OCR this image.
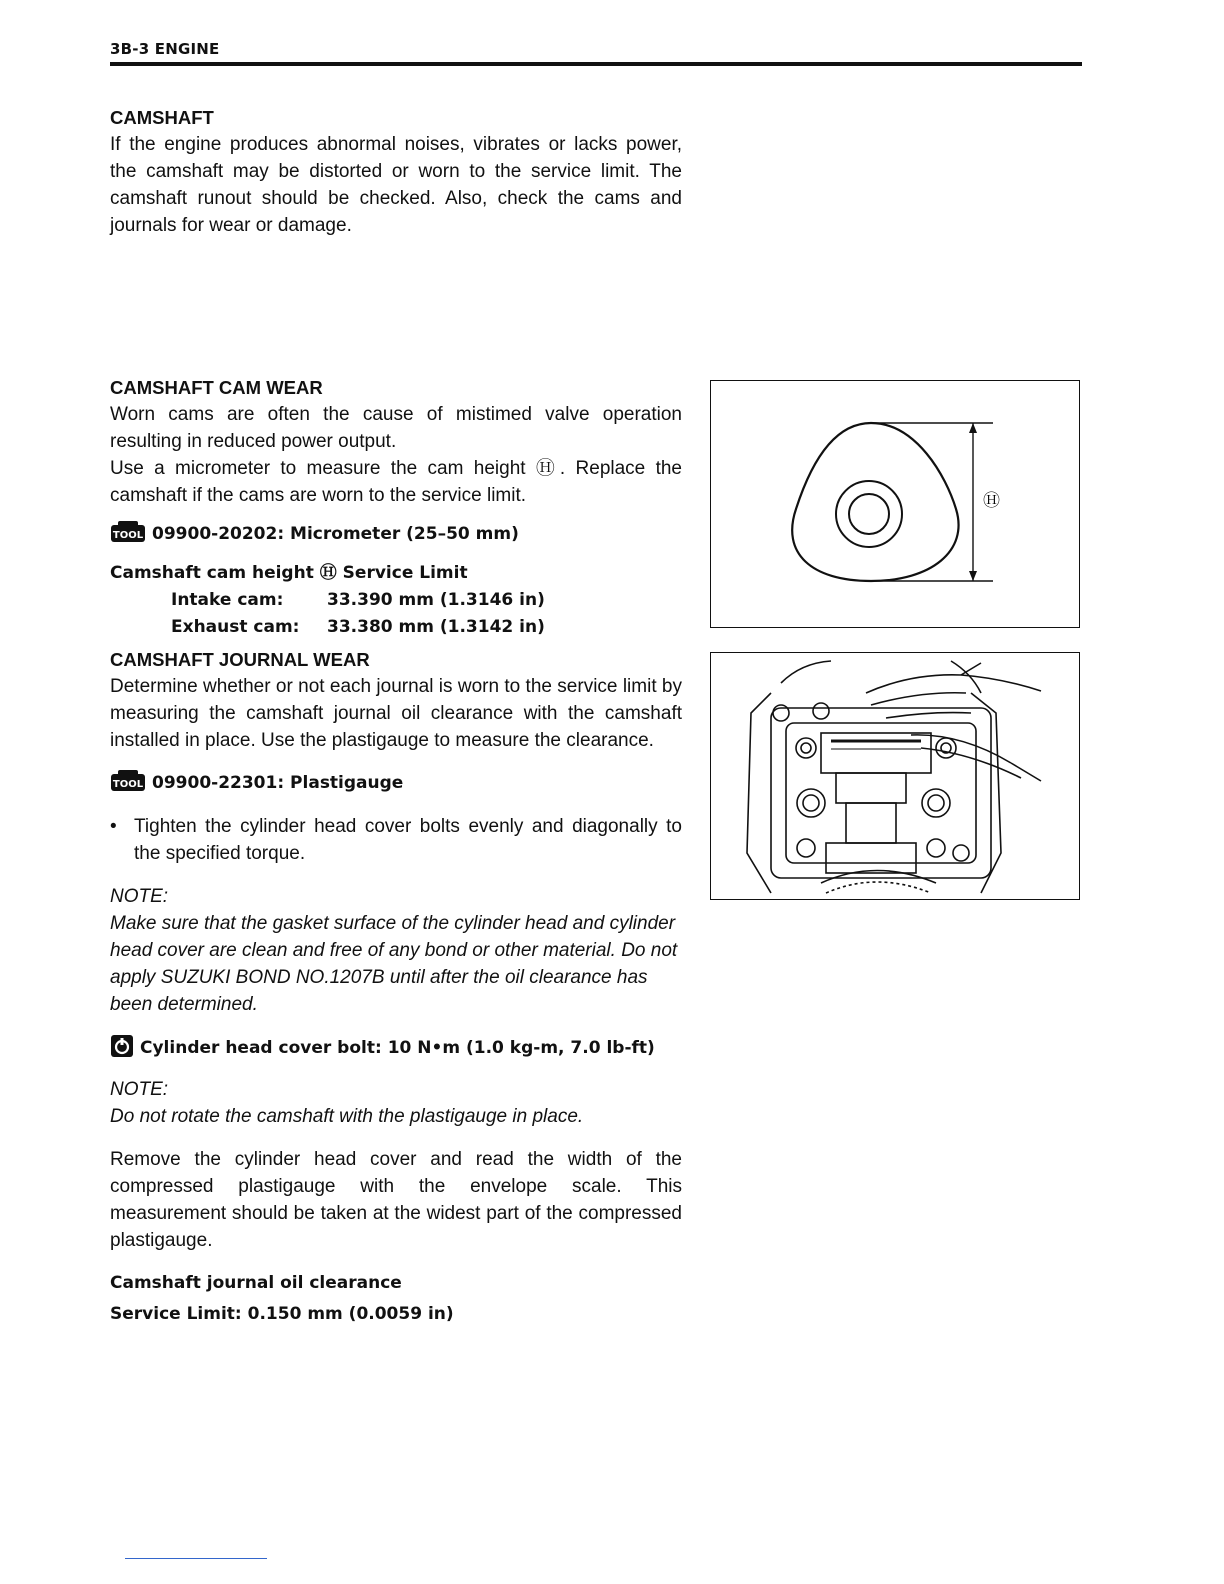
3B-3 ENGINE
CAMSHAFT

If the engine produces abnormal noises, vibrates or lacks power, the camshaft may be distorted or worn to the service limit. The camshaft runout should be checked. Also, check the cams and journals for wear or damage.

CAMSHAFT CAM WEAR

Worn cams are often the cause of mistimed valve operation resulting in reduced power output.

Use a micrometer to measure the cam height Ⓗ. Replace the camshaft if the cams are worn to the service limit.

TOOL 09900-20202: Micrometer (25–50 mm)

Camshaft cam height Ⓗ Service Limit

Intake cam:	33.390 mm (1.3146 in)
Exhaust cam:	33.380 mm (1.3142 in)
CAMSHAFT JOURNAL WEAR

Determine whether or not each journal is worn to the service limit by measuring the camshaft journal oil clearance with the camshaft installed in place. Use the plastigauge to measure the clearance.

TOOL 09900-22301: Plastigauge

• Tighten the cylinder head cover bolts evenly and diagonally to the specified torque.

NOTE:

Make sure that the gasket surface of the cylinder head and cylinder head cover are clean and free of any bond or other material. Do not apply SUZUKI BOND NO.1207B until after the oil clearance has been determined.

Cylinder head cover bolt: 10 N•m (1.0 kg-m, 7.0 lb-ft)

NOTE:

Do not rotate the camshaft with the plastigauge in place.

Remove the cylinder head cover and read the width of the compressed plastigauge with the envelope scale. This measurement should be taken at the widest part of the compressed plastigauge.

Camshaft journal oil clearance

Service Limit: 0.150 mm (0.0059 in)

Ⓗ
